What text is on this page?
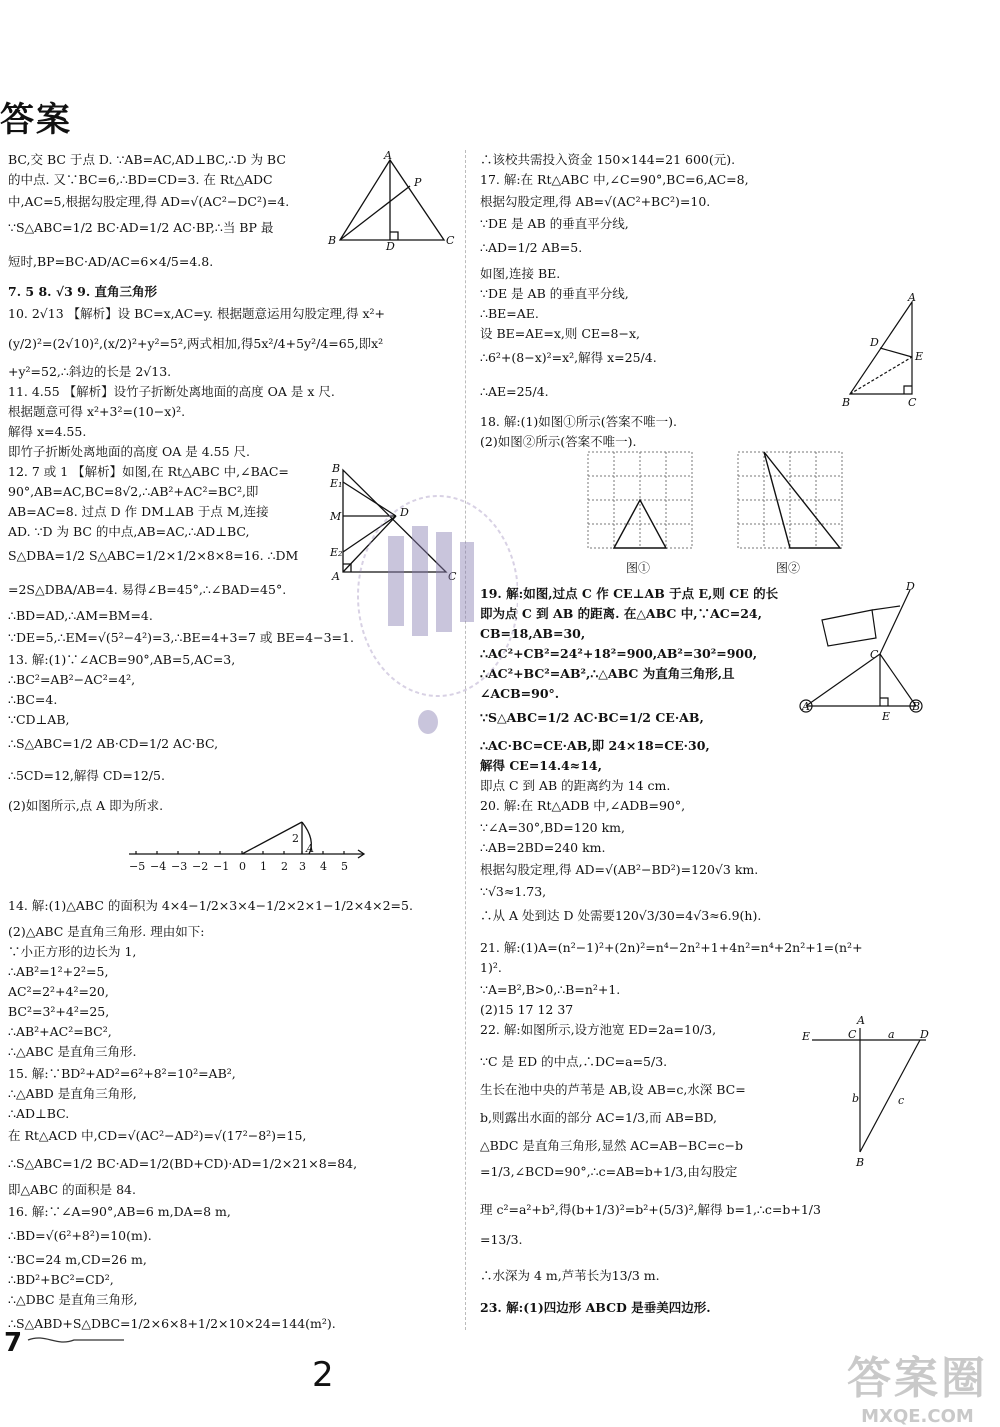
答案
BC,交 BC 于点 D. ∵AB=AC,AD⊥BC,∴D 为 BC
的中点. 又∵BC=6,∴BD=CD=3. 在 Rt△ADC
中,AC=5,根据勾股定理,得 AD=√(AC²−DC²)=4.
∵S△ABC=1/2 BC·AD=1/2 AC·BP,∴当 BP 最
短时,BP=BC·AD/AC=6×4/5=4.8.
7. 5 8. √3 9. 直角三角形
10. 2√13 【解析】设 BC=x,AC=y. 根据题意运用勾股定理,得 x²+
(y/2)²=(2√10)²,(x/2)²+y²=5²,两式相加,得5x²/4+5y²/4=65,即x²
+y²=52,∴斜边的长是 2√13.
11. 4.55 【解析】设竹子折断处离地面的高度 OA 是 x 尺.
根据题意可得 x²+3²=(10−x)².
解得 x=4.55.
即竹子折断处离地面的高度 OA 是 4.55 尺.
12. 7 或 1 【解析】如图,在 Rt△ABC 中,∠BAC=
90°,AB=AC,BC=8√2,∴AB²+AC²=BC²,即
AB=AC=8. 过点 D 作 DM⊥AB 于点 M,连接
AD. ∵D 为 BC 的中点,AB=AC,∴AD⊥BC,
S△DBA=1/2 S△ABC=1/2×1/2×8×8=16. ∴DM
=2S△DBA/AB=4. 易得∠B=45°,∴∠BAD=45°.
∴BD=AD,∴AM=BM=4.
∵DE=5,∴EM=√(5²−4²)=3,∴BE=4+3=7 或 BE=4−3=1.
13. 解:(1)∵∠ACB=90°,AB=5,AC=3,
∴BC²=AB²−AC²=4²,
∴BC=4.
∵CD⊥AB,
∴S△ABC=1/2 AB·CD=1/2 AC·BC,
∴5CD=12,解得 CD=12/5.
(2)如图所示,点 A 即为所求.
14. 解:(1)△ABC 的面积为 4×4−1/2×3×4−1/2×2×1−1/2×4×2=5.
(2)△ABC 是直角三角形. 理由如下:
∵小正方形的边长为 1,
∴AB²=1²+2²=5,
AC²=2²+4²=20,
BC²=3²+4²=25,
∴AB²+AC²=BC²,
∴△ABC 是直角三角形.
15. 解:∵BD²+AD²=6²+8²=10²=AB²,
∴△ABD 是直角三角形,
∴AD⊥BC.
在 Rt△ACD 中,CD=√(AC²−AD²)=√(17²−8²)=15,
∴S△ABC=1/2 BC·AD=1/2(BD+CD)·AD=1/2×21×8=84,
即△ABC 的面积是 84.
16. 解:∵∠A=90°,AB=6 m,DA=8 m,
∴BD=√(6²+8²)=10(m).
∵BC=24 m,CD=26 m,
∴BD²+BC²=CD²,
∴△DBC 是直角三角形,
∴S△ABD+S△DBC=1/2×6×8+1/2×10×24=144(m²).
∴该校共需投入资金 150×144=21 600(元).
17. 解:在 Rt△ABC 中,∠C=90°,BC=6,AC=8,
根据勾股定理,得 AB=√(AC²+BC²)=10.
∵DE 是 AB 的垂直平分线,
∴AD=1/2 AB=5.
如图,连接 BE.
∵DE 是 AB 的垂直平分线,
∴BE=AE.
设 BE=AE=x,则 CE=8−x,
∴6²+(8−x)²=x²,解得 x=25/4.
∴AE=25/4.
18. 解:(1)如图①所示(答案不唯一).
(2)如图②所示(答案不唯一).
19. 解:如图,过点 C 作 CE⊥AB 于点 E,则 CE 的长
即为点 C 到 AB 的距离. 在△ABC 中,∵AC=24,
CB=18,AB=30,
∴AC²+CB²=24²+18²=900,AB²=30²=900,
∴AC²+BC²=AB²,∴△ABC 为直角三角形,且
∠ACB=90°.
∵S△ABC=1/2 AC·BC=1/2 CE·AB,
∴AC·BC=CE·AB,即 24×18=CE·30,
解得 CE=14.4≈14,
即点 C 到 AB 的距离约为 14 cm.
20. 解:在 Rt△ADB 中,∠ADB=90°,
∵∠A=30°,BD=120 km,
∴AB=2BD=240 km.
根据勾股定理,得 AD=√(AB²−BD²)=120√3 km.
∵√3≈1.73,
∴从 A 处到达 D 处需要120√3/30=4√3≈6.9(h).
21. 解:(1)A=(n²−1)²+(2n)²=n⁴−2n²+1+4n²=n⁴+2n²+1=(n²+
1)².
∵A=B²,B>0,∴B=n²+1.
(2)15 17 12 37
22. 解:如图所示,设方池宽 ED=2a=10/3,
∵C 是 ED 的中点,∴DC=a=5/3.
生长在池中央的芦苇是 AB,设 AB=c,水深 BC=
b,则露出水面的部分 AC=1/3,而 AB=BD,
△BDC 是直角三角形,显然 AC=AB−BC=c−b
=1/3,∠BCD=90°,∴c=AB=b+1/3,由勾股定
理 c²=a²+b²,得(b+1/3)²=b²+(5/3)²,解得 b=1,∴c=b+1/3
=13/3.
∴水深为 4 m,芦苇长为13/3 m.
23. 解:(1)四边形 ABCD 是垂美四边形.
A
B	C
D
P
B
E₁
M
E₂
A	C
D
−5 −4 −3 −2 −1 0 1 2 3 4 5
2
A
A
D
E
B	C
图①	图②
D
C
E
A	B
E	C
A
D
a
b	c
B
7
2	答案圈
MXQE.COM
